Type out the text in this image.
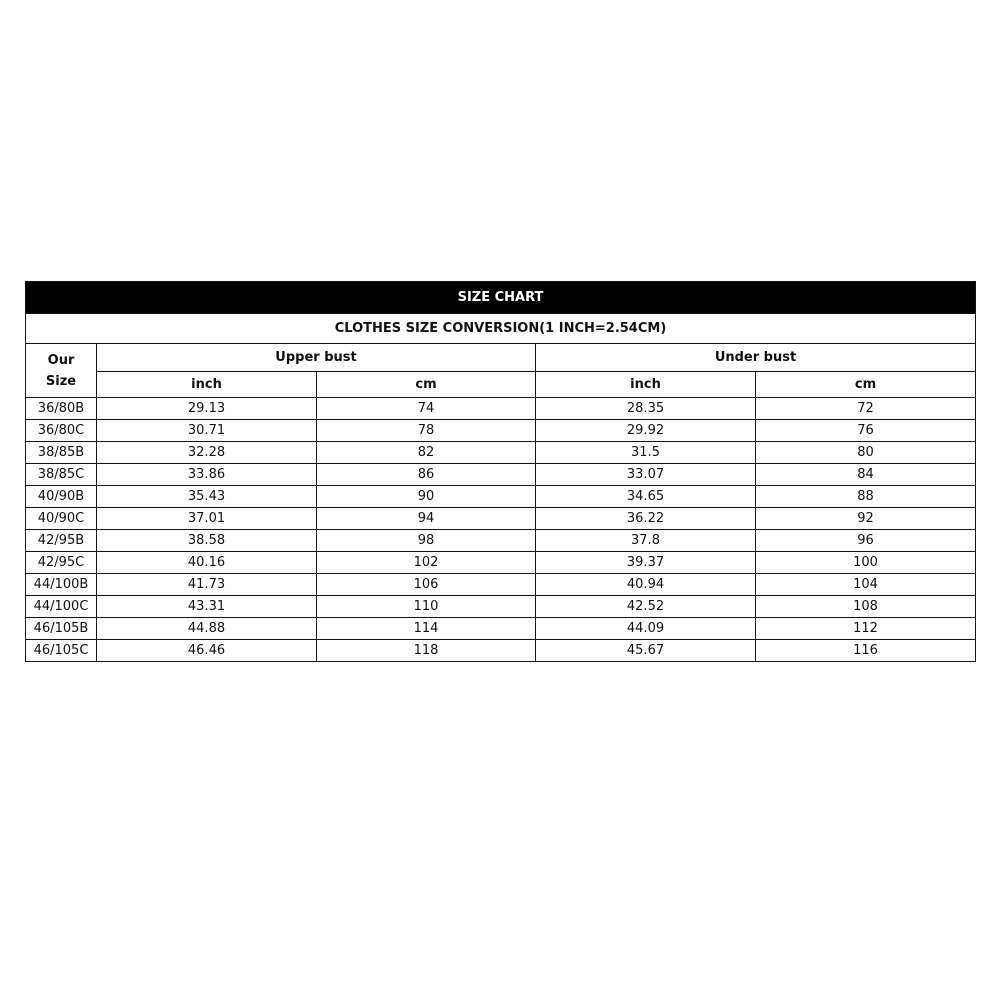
SIZE CHART				
CLOTHES SIZE CONVERSION(1 INCH=2.54CM)				
Our
Size	Upper bust		Under bust	
	inch	cm	inch	cm
36/80B	29.13	74	28.35	72
36/80C	30.71	78	29.92	76
38/85B	32.28	82	31.5	80
38/85C	33.86	86	33.07	84
40/90B	35.43	90	34.65	88
40/90C	37.01	94	36.22	92
42/95B	38.58	98	37.8	96
42/95C	40.16	102	39.37	100
44/100B	41.73	106	40.94	104
44/100C	43.31	110	42.52	108
46/105B	44.88	114	44.09	112
46/105C	46.46	118	45.67	116
